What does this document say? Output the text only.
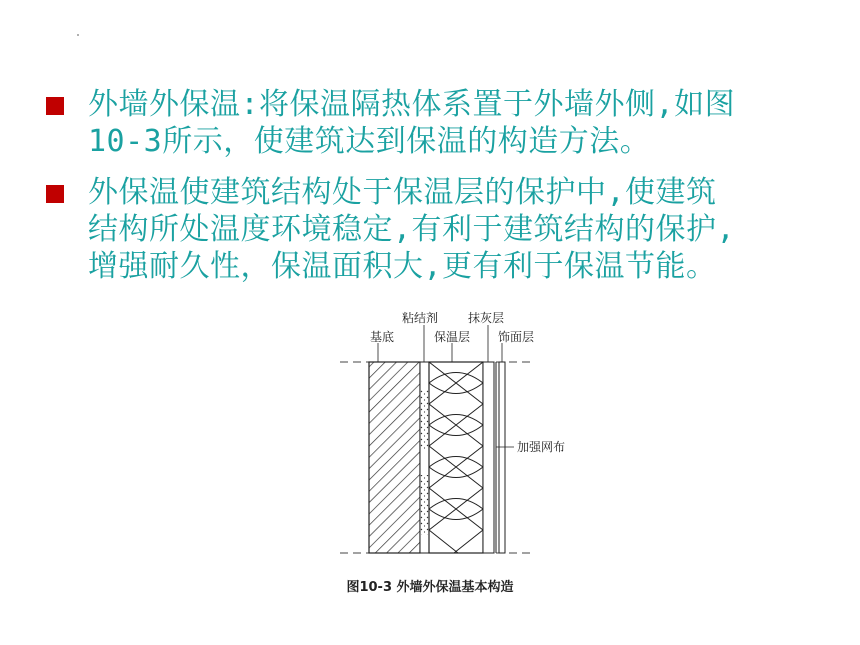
外墙外保温:将保温隔热体系置于外墙外侧,如图
10-3所示，使建筑达到保温的构造方法。
外保温使建筑结构处于保温层的保护中,使建筑
结构所处温度环境稳定,有利于建筑结构的保护,
增强耐久性，保温面积大,更有利于保温节能。
基底
粘结剂
保温层
抹灰层
饰面层
加强网布
图10-3 外墙外保温基本构造
